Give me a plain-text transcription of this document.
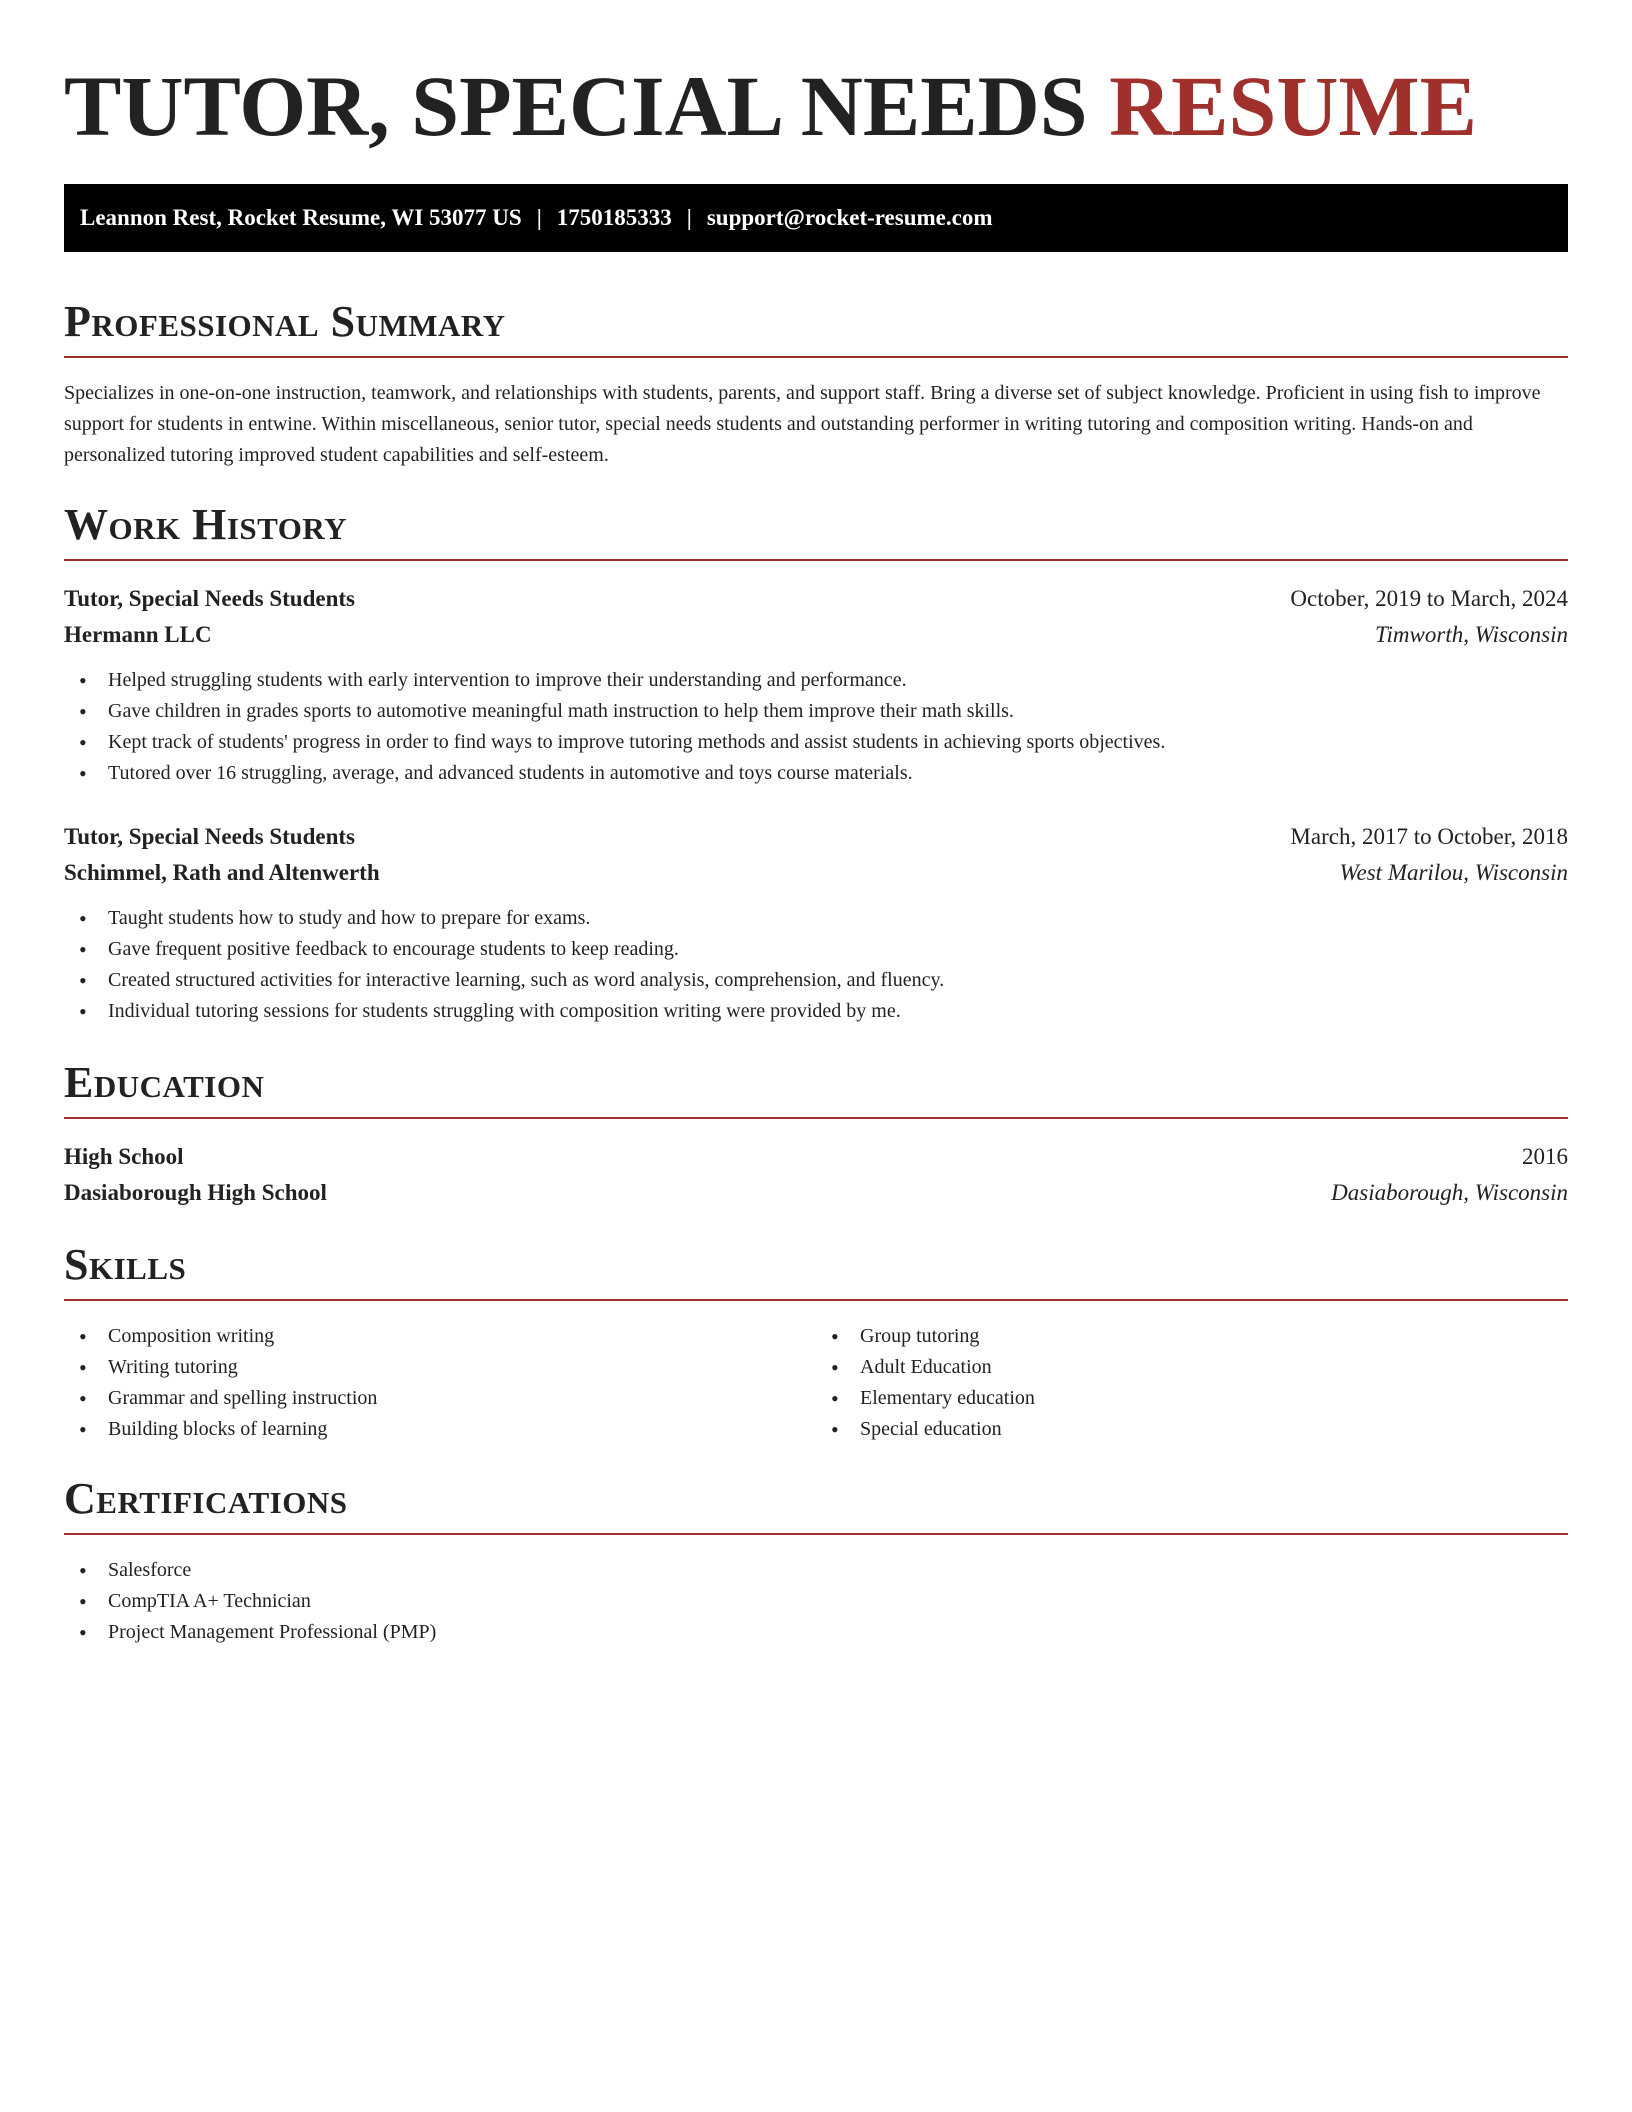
TUTOR, SPECIAL NEEDS RESUME
Leannon Rest, Rocket Resume, WI 53077 US | 1750185333 | support@rocket-resume.com
Professional Summary

Specializes in one-on-one instruction, teamwork, and relationships with students, parents, and support staff. Bring a diverse set of subject knowledge. Proficient in using fish to improve support for students in entwine. Within miscellaneous, senior tutor, special needs students and outstanding performer in writing tutoring and composition writing. Hands-on and personalized tutoring improved student capabilities and self-esteem.

Work History
Tutor, Special Needs Students	October, 2019 to March, 2024
Hermann LLC	Timworth, Wisconsin
• Helped struggling students with early intervention to improve their understanding and performance.
• Gave children in grades sports to automotive meaningful math instruction to help them improve their math skills.
• Kept track of students' progress in order to find ways to improve tutoring methods and assist students in achieving sports objectives.
• Tutored over 16 struggling, average, and advanced students in automotive and toys course materials.
Tutor, Special Needs Students	March, 2017 to October, 2018
Schimmel, Rath and Altenwerth	West Marilou, Wisconsin
• Taught students how to study and how to prepare for exams.
• Gave frequent positive feedback to encourage students to keep reading.
• Created structured activities for interactive learning, such as word analysis, comprehension, and fluency.
• Individual tutoring sessions for students struggling with composition writing were provided by me.
Education
High School	2016
Dasiaborough High School	Dasiaborough, Wisconsin
Skills
• Composition writing
• Writing tutoring
• Grammar and spelling instruction
• Building blocks of learning
• Group tutoring
• Adult Education
• Elementary education
• Special education
Certifications
• Salesforce
• CompTIA A+ Technician
• Project Management Professional (PMP)
